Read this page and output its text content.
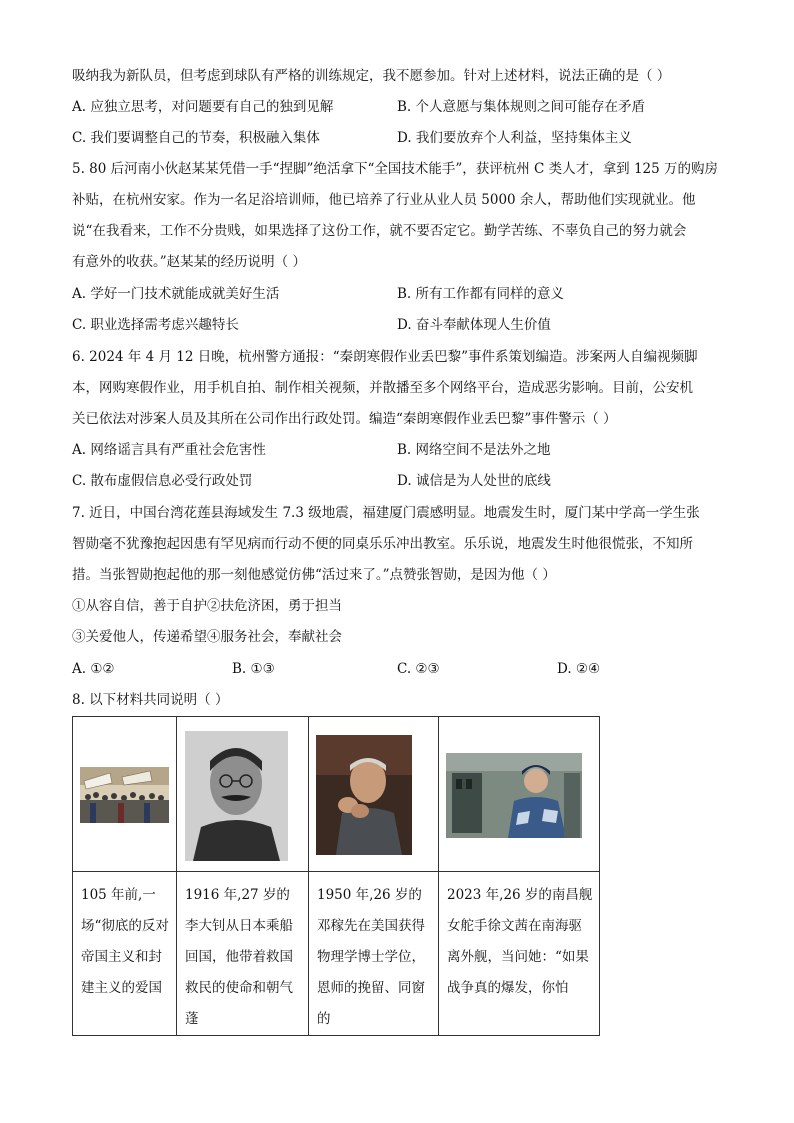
吸纳我为新队员，但考虑到球队有严格的训练规定，我不愿参加。针对上述材料，说法正确的是（ ）
A. 应独立思考，对问题要有自己的独到见解	B. 个人意愿与集体规则之间可能存在矛盾
C. 我们要调整自己的节奏，积极融入集体	D. 我们要放弃个人利益，坚持集体主义
5. 80 后河南小伙赵某某凭借一手“捏脚”绝活拿下“全国技术能手”，获评杭州 C 类人才，拿到 125 万的购房
补贴，在杭州安家。作为一名足浴培训师，他已培养了行业从业人员 5000 余人，帮助他们实现就业。他
说“在我看来，工作不分贵贱，如果选择了这份工作，就不要否定它。勤学苦练、不辜负自己的努力就会
有意外的收获。”赵某某的经历说明（ ）
A. 学好一门技术就能成就美好生活	B. 所有工作都有同样的意义
C. 职业选择需考虑兴趣特长	D. 奋斗奉献体现人生价值
6. 2024 年 4 月 12 日晚，杭州警方通报：“秦朗寒假作业丢巴黎”事件系策划编造。涉案两人自编视频脚
本，网购寒假作业，用手机自拍、制作相关视频，并散播至多个网络平台，造成恶劣影响。目前，公安机
关已依法对涉案人员及其所在公司作出行政处罚。编造“秦朗寒假作业丢巴黎”事件警示（ ）
A. 网络谣言具有严重社会危害性	B. 网络空间不是法外之地
C. 散布虚假信息必受行政处罚	D. 诚信是为人处世的底线
7. 近日，中国台湾花莲县海域发生 7.3 级地震，福建厦门震感明显。地震发生时，厦门某中学高一学生张
智勋毫不犹豫抱起因患有罕见病而行动不便的同桌乐乐冲出教室。乐乐说，地震发生时他很慌张，不知所
措。当张智勋抱起他的那一刻他感觉仿佛“活过来了。”点赞张智勋，是因为他（ ）
①从容自信，善于自护②扶危济困，勇于担当
③关爱他人，传递希望④服务社会，奉献社会
A. ①②	B. ①③	C. ②③	D. ②④
8. 以下材料共同说明（ ）

105 年前,一场“彻底的反对帝国主义和封建主义的爱国	1916 年,27 岁的李大钊从日本乘船回国，他带着救国救民的使命和朝气蓬	1950 年,26 岁的邓稼先在美国获得物理学博士学位，恩师的挽留、同窗的	2023 年,26 岁的南昌舰女舵手徐文茜在南海驱离外舰，当问她：“如果战争真的爆发，你怕
